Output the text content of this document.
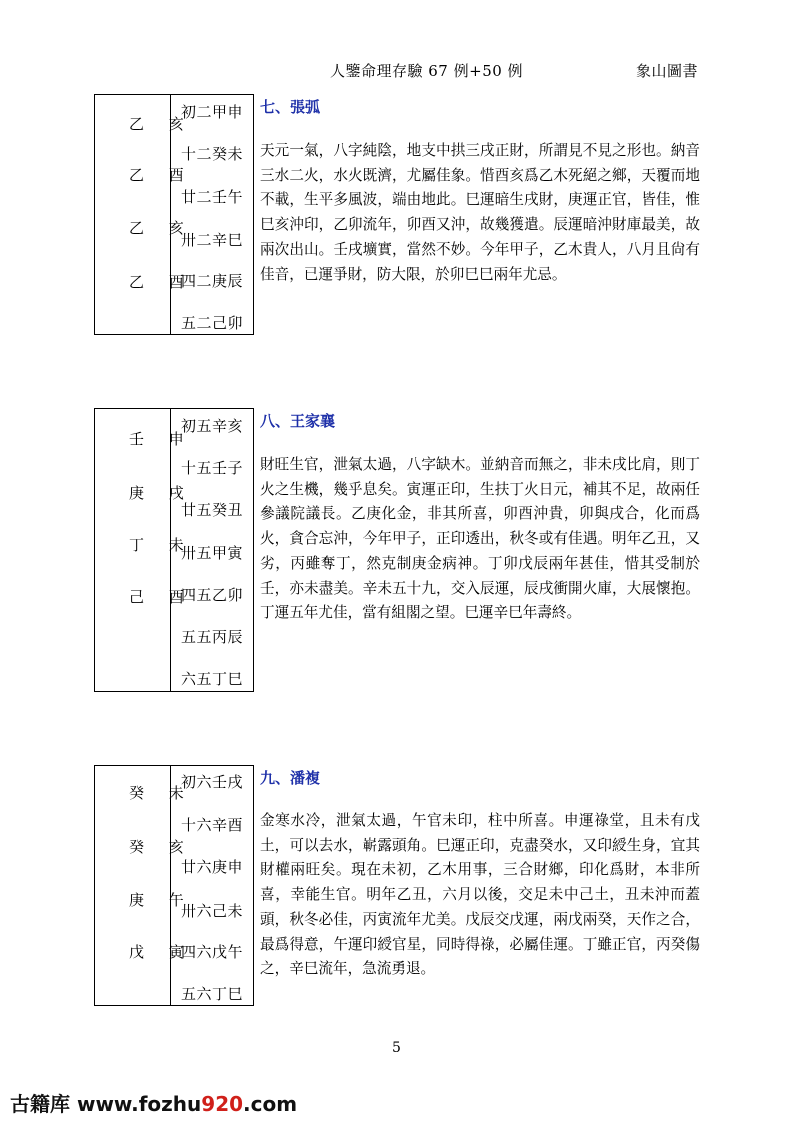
人鑒命理存驗 67 例+50 例	象山圖書
乙 亥
乙 酉
乙 亥
乙 酉
初二甲申
十二癸未
廿二壬午
卅二辛巳
四二庚辰
五二己卯
七、張弧
天元一氣，八字純陰，地支中拱三戌正財，所謂見不見之形也。納音三水二火，水火既濟，尤屬佳象。惜酉亥爲乙木死絕之鄉，天覆而地不載，生平多風波，端由地此。巳運暗生戌財，庚運正官，皆佳，惟巳亥沖印，乙卯流年，卯酉又沖，故幾獲遣。辰運暗沖財庫最美，故兩次出山。壬戌壙實，當然不妙。今年甲子，乙木貴人，八月且尙有佳音，已運爭財，防大限，於卯巳巳兩年尤忌。
壬 申
庚 戌
丁 未
己 酉
初五辛亥
十五壬子
廿五癸丑
卅五甲寅
四五乙卯
五五丙辰
六五丁巳
八、王家襄
財旺生官，泄氣太過，八字缺木。並納音而無之，非未戌比肩，則丁火之生機，幾乎息矣。寅運正印，生扶丁火日元，補其不足，故兩任參議院議長。乙庚化金，非其所喜，卯酉沖貴，卯與戌合，化而爲火，貪合忘沖，今年甲子，正印透出，秋冬或有佳遇。明年乙丑，又劣，丙雖奪丁，然克制庚金病神。丁卯戊辰兩年甚佳，惜其受制於壬，亦未盡美。辛未五十九，交入辰運，辰戌衝開火庫，大展懷抱。丁運五年尤佳，當有組閣之望。巳運辛巳年壽終。
癸 未
癸 亥
庚 午
戊 寅
初六壬戌
十六辛酉
廿六庚申
卅六己未
四六戊午
五六丁巳
九、潘複
金寒水冷，泄氣太過，午官未印，柱中所喜。申運祿堂，且未有戊土，可以去水，嶄露頭角。巳運正印，克盡癸水，又印綬生身，宜其財權兩旺矣。現在未初，乙木用事，三合財鄉，印化爲財，本非所喜，幸能生官。明年乙丑，六月以後，交足未中己土，丑未沖而蓋頭，秋冬必佳，丙寅流年尤美。戊辰交戊運，兩戊兩癸，天作之合，最爲得意，午運印綬官星，同時得祿，必屬佳運。丁雖正官，丙癸傷之，辛巳流年，急流勇退。
5
古籍库 www.fozhu920.com
